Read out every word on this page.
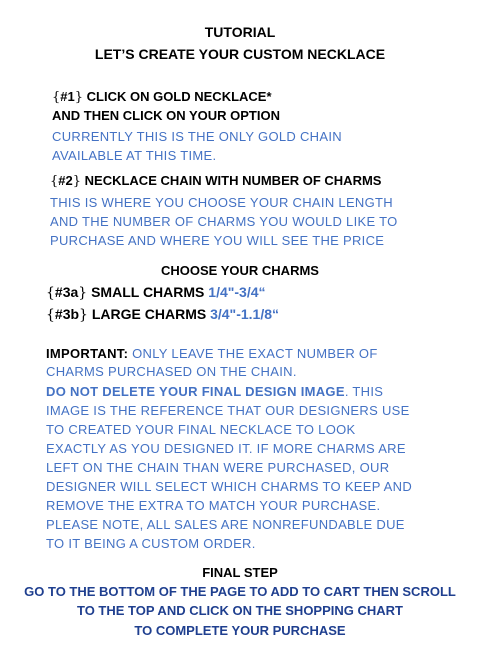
TUTORIAL
LET’S CREATE YOUR CUSTOM NECKLACE
{#1} CLICK ON GOLD NECKLACE*
AND THEN CLICK ON YOUR OPTION
CURRENTLY THIS IS THE ONLY GOLD CHAIN
AVAILABLE AT THIS TIME.
{#2} NECKLACE CHAIN WITH NUMBER OF CHARMS
THIS IS WHERE YOU CHOOSE YOUR CHAIN LENGTH
AND THE NUMBER OF CHARMS YOU WOULD LIKE TO
PURCHASE AND WHERE YOU WILL SEE THE PRICE
CHOOSE YOUR CHARMS
{#3a} SMALL CHARMS 1/4"-3/4“
{#3b} LARGE CHARMS 3/4"-1.1/8“
IMPORTANT: ONLY LEAVE THE EXACT NUMBER OF
CHARMS PURCHASED ON THE CHAIN.
DO NOT DELETE YOUR FINAL DESIGN IMAGE. THIS
IMAGE IS THE REFERENCE THAT OUR DESIGNERS USE
TO CREATED YOUR FINAL NECKLACE TO LOOK
EXACTLY AS YOU DESIGNED IT. IF MORE CHARMS ARE
LEFT ON THE CHAIN THAN WERE PURCHASED, OUR
DESIGNER WILL SELECT WHICH CHARMS TO KEEP AND
REMOVE THE EXTRA TO MATCH YOUR PURCHASE.
PLEASE NOTE, ALL SALES ARE NONREFUNDABLE DUE
TO IT BEING A CUSTOM ORDER.
FINAL STEP
GO TO THE BOTTOM OF THE PAGE TO ADD TO CART THEN SCROLL
TO THE TOP AND CLICK ON THE SHOPPING CHART
TO COMPLETE YOUR PURCHASE
